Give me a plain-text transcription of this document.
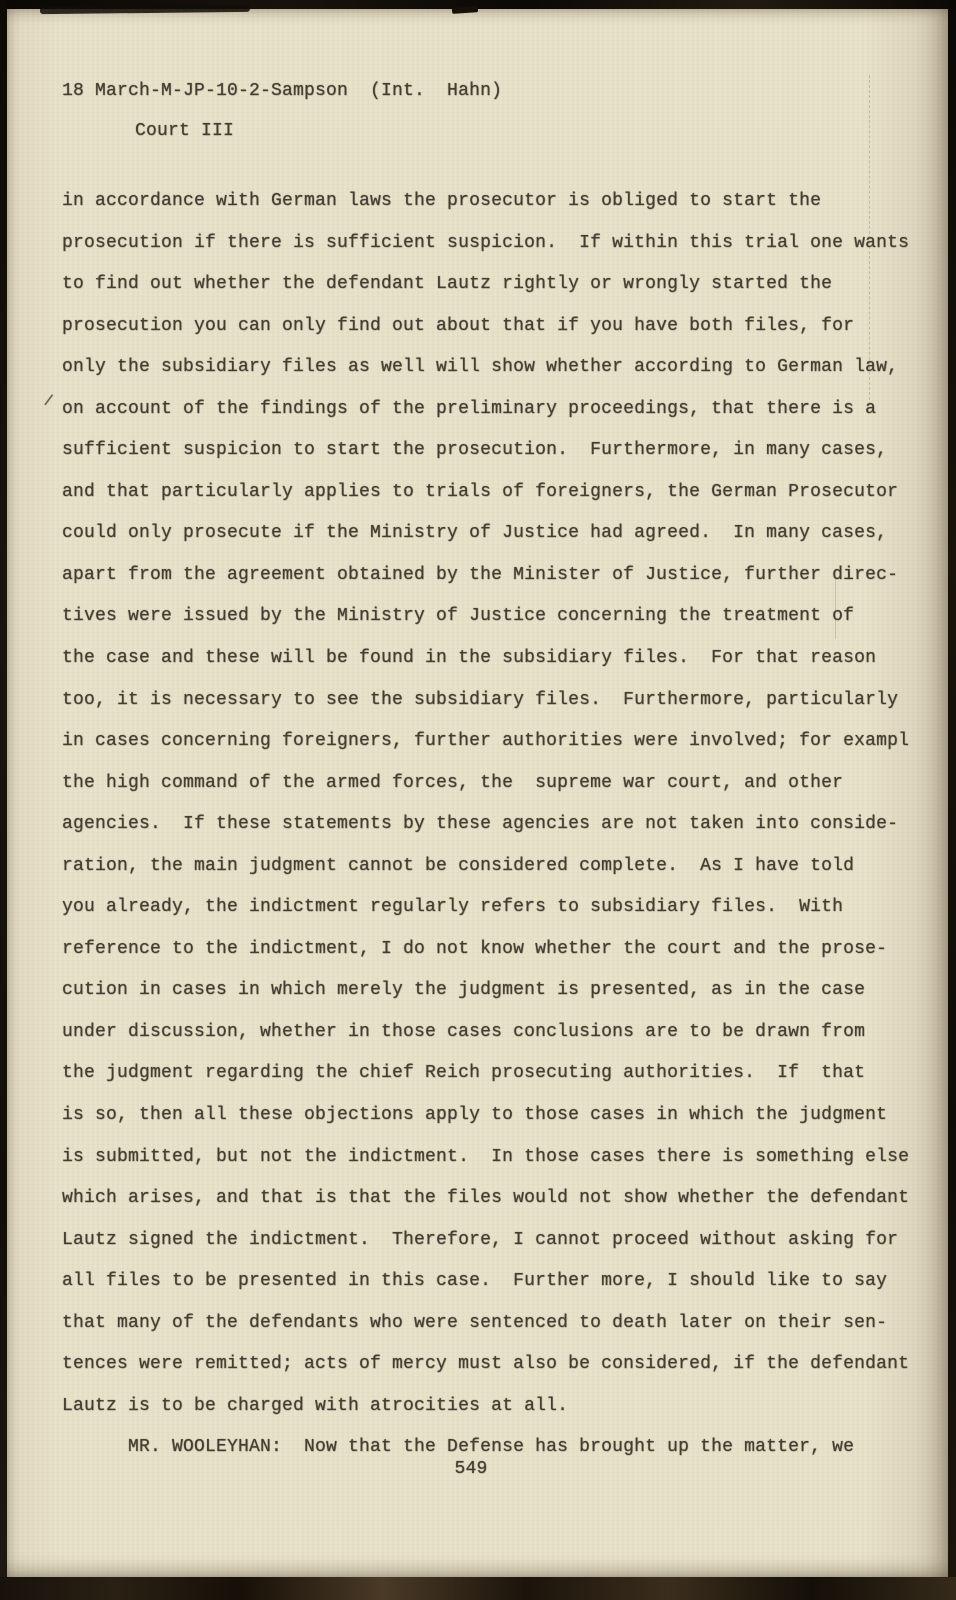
18 March-M-JP-10-2-Sampson  (Int.  Hahn)
Court III
in accordance with German laws the prosecutor is obliged to start the
prosecution if there is sufficient suspicion.  If within this trial one wants
to find out whether the defendant Lautz rightly or wrongly started the
prosecution you can only find out about that if you have both files, for
only the subsidiary files as well will show whether according to German law,
on account of the findings of the preliminary proceedings, that there is a
sufficient suspicion to start the prosecution.  Furthermore, in many cases,
and that particularly applies to trials of foreigners, the German Prosecutor
could only prosecute if the Ministry of Justice had agreed.  In many cases,
apart from the agreement obtained by the Minister of Justice, further direc-
tives were issued by the Ministry of Justice concerning the treatment of
the case and these will be found in the subsidiary files.  For that reason
too, it is necessary to see the subsidiary files.  Furthermore, particularly
in cases concerning foreigners, further authorities were involved; for exampl
the high command of the armed forces, the  supreme war court, and other
agencies.  If these statements by these agencies are not taken into conside-
ration, the main judgment cannot be considered complete.  As I have told
you already, the indictment regularly refers to subsidiary files.  With
reference to the indictment, I do not know whether the court and the prose-
cution in cases in which merely the judgment is presented, as in the case
under discussion, whether in those cases conclusions are to be drawn from
the judgment regarding the chief Reich prosecuting authorities.  If  that
is so, then all these objections apply to those cases in which the judgment
is submitted, but not the indictment.  In those cases there is something else
which arises, and that is that the files would not show whether the defendant
Lautz signed the indictment.  Therefore, I cannot proceed without asking for
all files to be presented in this case.  Further more, I should like to say
that many of the defendants who were sentenced to death later on their sen-
tences were remitted; acts of mercy must also be considered, if the defendant
Lautz is to be charged with atrocities at all.
MR. WOOLEYHAN:  Now that the Defense has brought up the matter, we
/
549
